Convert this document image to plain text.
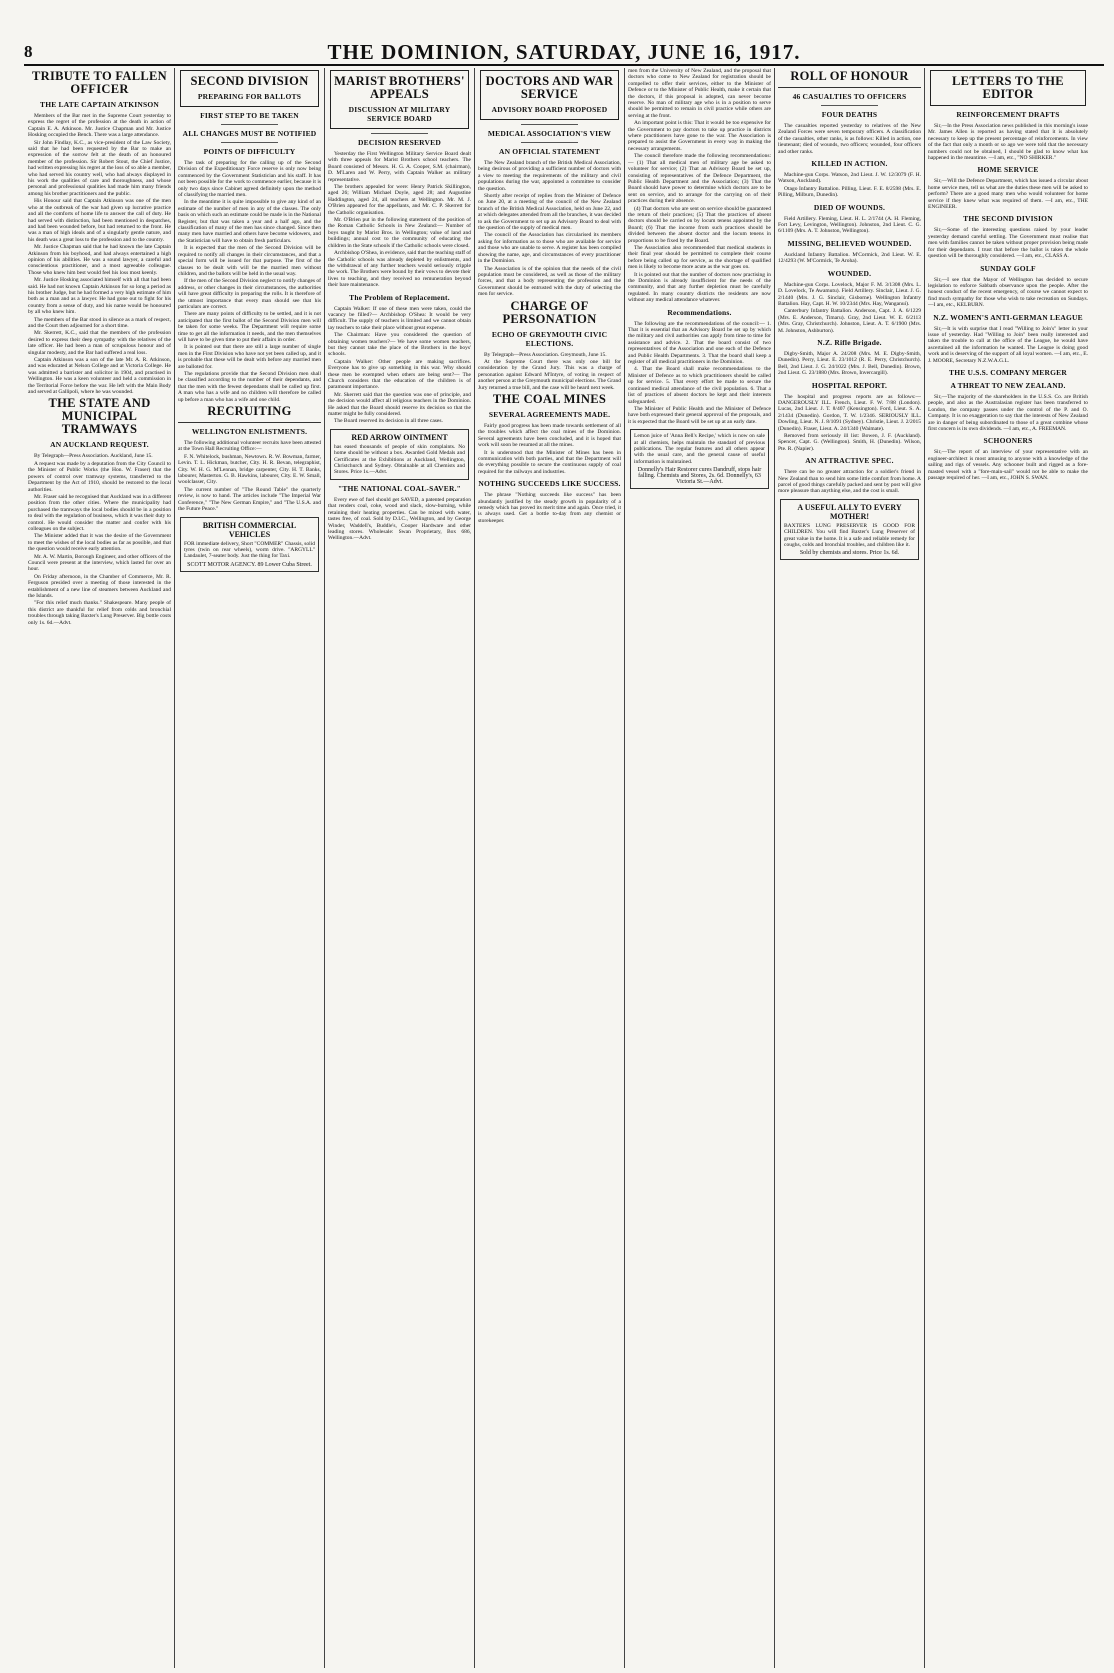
8	THE DOMINION, SATURDAY, JUNE 16, 1917.
TRIBUTE TO FALLEN OFFICER
THE LATE CAPTAIN ATKINSON

Members of the Bar met in the Supreme Court yesterday to express the regret of the profession at the death in action of Captain E. A. Atkinson. Mr. Justice Chapman and Mr. Justice Hosking occupied the Bench. There was a large attendance.

Sir John Findlay, K.C., as vice-president of the Law Society, said that he had been requested by the Bar to make an expression of the sorrow felt at the death of an honoured member of the profession. Sir Robert Stout, the Chief Justice, had written expressing his regret at the loss of so able a member, who had served his country well, who had always displayed in his work the qualities of care and thoroughness, and whose personal and professional qualities had made him many friends among his brother practitioners and the public.

His Honour said that Captain Atkinson was one of the men who at the outbreak of the war had given up lucrative practice and all the comforts of home life to answer the call of duty. He had served with distinction, had been mentioned in despatches, and had been wounded before, but had returned to the front. He was a man of high ideals and of a singularly gentle nature, and his death was a great loss to the profession and to the country.

Mr. Justice Chapman said that he had known the late Captain Atkinson from his boyhood, and had always entertained a high opinion of his abilities. He was a sound lawyer, a careful and conscientious practitioner, and a most agreeable colleague. Those who knew him best would feel his loss most keenly.

Mr. Justice Hosking associated himself with all that had been said. He had not known Captain Atkinson for so long a period as his brother Judge, but he had formed a very high estimate of him both as a man and as a lawyer. He had gone out to fight for his country from a sense of duty, and his name would be honoured by all who knew him.

The members of the Bar stood in silence as a mark of respect, and the Court then adjourned for a short time.

Mr. Skerrett, K.C., said that the members of the profession desired to express their deep sympathy with the relatives of the late officer. He had been a man of scrupulous honour and of singular modesty, and the Bar had suffered a real loss.

Captain Atkinson was a son of the late Mr. A. R. Atkinson, and was educated at Nelson College and at Victoria College. He was admitted a barrister and solicitor in 1904, and practised in Wellington. He was a keen volunteer and held a commission in the Territorial Force before the war. He left with the Main Body and served at Gallipoli, where he was wounded.

THE STATE AND MUNICIPAL TRAMWAYS
AN AUCKLAND REQUEST.

By Telegraph—Press Association. Auckland, June 15.

A request was made by a deputation from the City Council to the Minister of Public Works (the Hon. W. Fraser) that the powers of control over tramway systems, transferred to the Department by the Act of 1910, should be restored to the local authorities.

Mr. Fraser said he recognised that Auckland was in a different position from the other cities. Where the municipality had purchased the tramways the local bodies should be in a position to deal with the regulation of business, which it was their duty to control. He would consider the matter and confer with his colleagues on the subject.

The Minister added that it was the desire of the Government to meet the wishes of the local bodies as far as possible, and that the question would receive early attention.

Mr. A. W. Martin, Borough Engineer, and other officers of the Council were present at the interview, which lasted for over an hour.

On Friday afternoon, in the Chamber of Commerce, Mr. R. Ferguson presided over a meeting of those interested in the establishment of a new line of steamers between Auckland and the Islands.

"For this relief much thanks." Shakespeare. Many people of this district are thankful for relief from colds and bronchial troubles through taking Baxter's Lung Preserver. Big bottle costs only 1s. 6d.—Advt.

SECOND DIVISION
PREPARING FOR BALLOTS
FIRST STEP TO BE TAKEN
ALL CHANGES MUST BE NOTIFIED
POINTS OF DIFFICULTY

The task of preparing for the calling up of the Second Division of the Expeditionary Force reserve is only now being commenced by the Government Statistician and his staff. It has not been possible for the work to commence earlier, because it is only two days since Cabinet agreed definitely upon the method of classifying the married men.

In the meantime it is quite impossible to give any kind of an estimate of the number of men in any of the classes. The only basis on which such an estimate could be made is in the National Register, but that was taken a year and a half ago, and the classification of many of the men has since changed. Since then many men have married and others have become widowers, and the Statistician will have to obtain fresh particulars.

It is expected that the men of the Second Division will be required to notify all changes in their circumstances, and that a special form will be issued for that purpose. The first of the classes to be dealt with will be the married men without children, and the ballots will be held in the usual way.

If the men of the Second Division neglect to notify changes of address, or other changes in their circumstances, the authorities will have great difficulty in preparing the rolls. It is therefore of the utmost importance that every man should see that his particulars are correct.

There are many points of difficulty to be settled, and it is not anticipated that the first ballot of the Second Division men will be taken for some weeks. The Department will require some time to get all the information it needs, and the men themselves will have to be given time to put their affairs in order.

It is pointed out that there are still a large number of single men in the First Division who have not yet been called up, and it is probable that these will be dealt with before any married men are balloted for.

The regulations provide that the Second Division men shall be classified according to the number of their dependants, and that the men with the fewest dependants shall be called up first. A man who has a wife and no children will therefore be called up before a man who has a wife and one child.

RECRUITING
WELLINGTON ENLISTMENTS.

The following additional volunteer recruits have been attested at the Town Hall Recruiting Office:—

F. N. Whitelock, bushman, Newtown. R. W. Bowman, farmer, Levin. T. L. Hickman, butcher, City. H. R. Bevan, telegraphist, City. W. H. G. M'Lennan, bridge carpenter, City. H. T. Banks, labourer, Masterton. G. B. Hawkins, labourer, City. E. W. Small, woolclasser, City.

The current number of "The Round Table" the quarterly review, is now to hand. The articles include "The Imperial War Conference," "The New German Empire," and "The U.S.A. and the Future Peace."

BRITISH COMMERCIAL VEHICLES
FOR immediate delivery, Short "COMMER" Chassis, solid tyres (twin on rear wheels), worm drive. "ARGYLL" Landaulet, 7-seater body. Just the thing for Taxi.
SCOTT MOTOR AGENCY. 89 Lower Cuba Street.
MARIST BROTHERS' APPEALS
DISCUSSION AT MILITARY SERVICE BOARD
DECISION RESERVED

Yesterday the First Wellington Military Service Board dealt with three appeals for Marist Brothers school teachers. The Board consisted of Messrs. H. G. A. Cooper, S.M. (chairman), D. M'Laren and W. Perry, with Captain Walker as military representative.

The brothers appealed for were: Henry Patrick Skillington, aged 26; William Michael Doyle, aged 28; and Augustine Haddington, aged 24, all teachers at Wellington. Mr. M. J. O'Brien appeared for the appellants, and Mr. C. P. Skerrett for the Catholic organisation.

Mr. O'Brien put in the following statement of the position of the Roman Catholic Schools in New Zealand:— Number of boys taught by Marist Bros. in Wellington; value of land and buildings; annual cost to the community of educating the children in the State schools if the Catholic schools were closed.

Archbishop O'Shea, in evidence, said that the teaching staff of the Catholic schools was already depleted by enlistments, and the withdrawal of any further teachers would seriously cripple the work. The Brothers were bound by their vows to devote their lives to teaching, and they received no remuneration beyond their bare maintenance.

The Problem of Replacement.

Captain Walker: If one of these men were taken, could the vacancy be filled?— Archbishop O'Shea: It would be very difficult. The supply of teachers is limited and we cannot obtain lay teachers to take their place without great expense.

The Chairman: Have you considered the question of obtaining women teachers?— We have some women teachers, but they cannot take the place of the Brothers in the boys' schools.

Captain Walker: Other people are making sacrifices. Everyone has to give up something in this war. Why should these men be exempted when others are being sent?— The Church considers that the education of the children is of paramount importance.

Mr. Skerrett said that the question was one of principle, and the decision would affect all religious teachers in the Dominion. He asked that the Board should reserve its decision so that the matter might be fully considered.

The Board reserved its decision in all three cases.

RED ARROW OINTMENT
has eased thousands of people of skin complaints. No home should be without a box. Awarded Gold Medals and Certificates at the Exhibitions at Auckland, Wellington, Christchurch and Sydney. Obtainable at all Chemists and Stores. Price 1s.—Advt.
"THE NATIONAL COAL-SAVER."

Every ewe of fuel should get SAVED, a patented preparation that renders coal, coke, wood and slack, slow-burning, while retaining their heating properties. Can be mixed with water, tastes free, of coal. Sold by D.I.C., Wellington, and by George Winder, Waddell's, Buddle's, Cooper Hardware and other leading stores. Wholesale: Swan Proprietary, Box 686, Wellington.—Advt.

DOCTORS AND WAR SERVICE
ADVISORY BOARD PROPOSED
MEDICAL ASSOCIATION'S VIEW
AN OFFICIAL STATEMENT

The New Zealand branch of the British Medical Association, being desirous of providing a sufficient number of doctors with a view to meeting the requirements of the military and civil populations during the war, appointed a committee to consider the question.

Shortly after receipt of replies from the Minister of Defence on June 20, at a meeting of the council of the New Zealand branch of the British Medical Association, held on June 22, and at which delegates attended from all the branches, it was decided to ask the Government to set up an Advisory Board to deal with the question of the supply of medical men.

The council of the Association has circularised its members asking for information as to those who are available for service and those who are unable to serve. A register has been compiled showing the name, age, and circumstances of every practitioner in the Dominion.

The Association is of the opinion that the needs of the civil population must be considered, as well as those of the military forces, and that a body representing the profession and the Government should be entrusted with the duty of selecting the men for service.

CHARGE OF PERSONATION
ECHO OF GREYMOUTH CIVIC ELECTIONS.

By Telegraph—Press Association. Greymouth, June 15.

At the Supreme Court there was only one bill for consideration by the Grand Jury. This was a charge of personation against Edward M'Intyre, of voting in respect of another person at the Greymouth municipal elections. The Grand Jury returned a true bill, and the case will be heard next week.

THE COAL MINES
SEVERAL AGREEMENTS MADE.

Fairly good progress has been made towards settlement of all the troubles which affect the coal mines of the Dominion. Several agreements have been concluded, and it is hoped that work will soon be resumed at all the mines.

It is understood that the Minister of Mines has been in communication with both parties, and that the Department will do everything possible to secure the continuous supply of coal required for the railways and industries.

NOTHING SUCCEEDS LIKE SUCCESS.

The phrase "Nothing succeeds like success" has been abundantly justified by the steady growth in popularity of a remedy which has proved its merit time and again. Once tried, it is always used. Get a bottle to-day from any chemist or storekeeper.

men from the University of New Zealand, and the proposal that doctors who come to New Zealand for registration should be compelled to offer their services, either to the Minister of Defence or to the Minister of Public Health, make it certain that the doctors, if this proposal is adopted, can never become reserve. No man of military age who is in a position to serve should be permitted to remain in civil practice while others are serving at the front.

An important point is this: That it would be too expensive for the Government to pay doctors to take up practice in districts where practitioners have gone to the war. The Association is prepared to assist the Government in every way in making the necessary arrangements.

The council therefore made the following recommendations:— (1) That all medical men of military age be asked to volunteer for service; (2) That an Advisory Board be set up, consisting of representatives of the Defence Department, the Public Health Department and the Association; (3) That the Board should have power to determine which doctors are to be sent on service, and to arrange for the carrying on of their practices during their absence.

(4) That doctors who are sent on service should be guaranteed the return of their practices; (5) That the practices of absent doctors should be carried on by locum tenens appointed by the Board; (6) That the income from such practices should be divided between the absent doctor and the locum tenens in proportions to be fixed by the Board.

The Association also recommended that medical students in their final year should be permitted to complete their course before being called up for service, as the shortage of qualified men is likely to become more acute as the war goes on.

It is pointed out that the number of doctors now practising in the Dominion is already insufficient for the needs of the community, and that any further depletion must be carefully regulated. In many country districts the residents are now without any medical attendance whatever.

Recommendations.

The following are the recommendations of the council:— 1. That it is essential that an Advisory Board be set up by which the military and civil authorities can apply from time to time for assistance and advice. 2. That the board consist of two representatives of the Association and one each of the Defence and Public Health Departments. 3. That the board shall keep a register of all medical practitioners in the Dominion.

4. That the Board shall make recommendations to the Minister of Defence as to which practitioners should be called up for service. 5. That every effort be made to secure the continued medical attendance of the civil population. 6. That a list of practices of absent doctors be kept and their interests safeguarded.

The Minister of Public Health and the Minister of Defence have both expressed their general approval of the proposals, and it is expected that the Board will be set up at an early date.

Lemon juice of 'Anna Bell's Recipe,' which is now on sale at all chemists, helps maintain the standard of previous publications. The regular features and all others appear with the usual care, and the general cause of useful information is maintained.
Donnelly's Hair Restorer cures Dandruff, stops hair falling. Chemists and Stores, 2s. 6d. Donnelly's, 63 Victoria St.—Advt.
ROLL OF HONOUR
46 CASUALTIES TO OFFICERS
FOUR DEATHS

The casualties reported yesterday to relatives of the New Zealand Forces were seven temporary officers. A classification of the casualties, other ranks, is as follows: Killed in action, one lieutenant; died of wounds, two officers; wounded, four officers and other ranks.

KILLED IN ACTION.

Machine-gun Corps. Watson, 2nd Lieut. J. W. 12/3079 (F. H. Watson, Auckland).

Otago Infantry Battalion. Pilling, Lieut. F. E. 8/2598 (Mrs. E. Pilling, Milburn, Dunedin).

DIED OF WOUNDS.

Field Artillery. Fleming, Lieut. H. L. 2/1744 (A. H. Fleming, Fort Levy, Levington, Wellington). Johnston, 2nd Lieut. C. G. 6/1109 (Mrs. A. T. Johnston, Wellington).

MISSING, BELIEVED WOUNDED.

Auckland Infantry Battalion. M'Cormick, 2nd Lieut. W. E. 12/4293 (W. M'Cormick, Te Aroha).

WOUNDED.

Machine-gun Corps. Lovelock, Major F. M. 3/1308 (Mrs. L. D. Lovelock, Te Awamutu). Field Artillery. Sinclair, Lieut. J. G. 2/1440 (Mrs. J. G. Sinclair, Gisborne). Wellington Infantry Battalion. Hay, Capt. H. W. 10/2344 (Mrs. Hay, Wanganui).

Canterbury Infantry Battalion. Anderson, Capt. J. A. 6/1229 (Mrs. E. Anderson, Timaru). Gray, 2nd Lieut. W. E. 6/2113 (Mrs. Gray, Christchurch). Johnston, Lieut. A. T. 6/1900 (Mrs. M. Johnston, Ashburton).

N.Z. Rifle Brigade.

Digby-Smith, Major A. 24/208 (Mrs. M. E. Digby-Smith, Dunedin). Perry, Lieut. E. 23/1012 (R. E. Perry, Christchurch). Bell, 2nd Lieut. J. G. 24/1022 (Mrs. J. Bell, Dunedin). Brown, 2nd Lieut. G. 23/1880 (Mrs. Brown, Invercargill).

HOSPITAL REPORT.

The hospital and progress reports are as follows:— DANGEROUSLY ILL. French, Lieut. F. W. 7/88 (London). Lucas, 2nd Lieut. J. T. 8/407 (Kensington). Ford, Lieut. S. A. 2/1434 (Dunedin). Gordon, T. W. 1/2346. SERIOUSLY ILL. Dowling, Lieut. N. J. 8/1091 (Sydney). Christie, Lieut. J. 2/2015 (Dunedin). Fraser, Lieut. A. 24/1340 (Waimate).

Removed from seriously ill list: Bowen, J. F. (Auckland). Spencer, Capt. G. (Wellington). Smith, H. (Dunedin). Wilson, Pte. R. (Napier).

AN ATTRACTIVE SPEC.

There can be no greater attraction for a soldier's friend in New Zealand than to send him some little comfort from home. A parcel of good things carefully packed and sent by post will give more pleasure than anything else, and the cost is small.

A USEFUL ALLY TO EVERY MOTHER!
BAXTER'S LUNG PRESERVER IS GOOD FOR CHILDREN. You will find Baxter's Lung Preserver of great value in the home. It is a safe and reliable remedy for coughs, colds and bronchial troubles, and children like it.
Sold by chemists and stores. Price 1s. 6d.
LETTERS TO THE EDITOR
REINFORCEMENT DRAFTS

Sir,—In the Press Association news published in this morning's issue Mr. James Allen is reported as having stated that it is absolutely necessary to keep up the present percentage of reinforcements. In view of the fact that only a month or so ago we were told that the necessary numbers could not be obtained, I should be glad to know what has happened in the meantime. —I am, etc., "NO SHIRKER."

HOME SERVICE

Sir,—Will the Defence Department, which has issued a circular about home service men, tell us what are the duties these men will be asked to perform? There are a good many men who would volunteer for home service if they knew what was required of them. —I am, etc., THE ENGINEER.

THE SECOND DIVISION

Sir,—Some of the interesting questions raised by your leader yesterday demand careful settling. The Government must realise that men with families cannot be taken without proper provision being made for their dependants. I trust that before the ballot is taken the whole question will be thoroughly considered. —I am, etc., CLASS A.

SUNDAY GOLF

Sir,—I see that the Mayor of Wellington has decided to secure legislation to enforce Sabbath observance upon the people. After the honest conduct of the recent emergency, of course we cannot expect to find much sympathy for those who wish to take recreation on Sundays. —I am, etc., KELBURN.

N.Z. WOMEN'S ANTI-GERMAN LEAGUE

Sir,—It is with surprise that I read "Willing to Join's" letter in your issue of yesterday. Had "Willing to Join" been really interested and taken the trouble to call at the office of the League, he would have ascertained all the information he wanted. The League is doing good work and is deserving of the support of all loyal women. —I am, etc., E. J. MOORE, Secretary N.Z.W.A.G.L.

THE U.S.S. COMPANY MERGER
A THREAT TO NEW ZEALAND.

Sir,—The majority of the shareholders in the U.S.S. Co. are British people, and also as the Australasian register has been transferred to London, the company passes under the control of the P. and O. Company. It is no exaggeration to say that the interests of New Zealand are in danger of being subordinated to those of a great combine whose first concern is its own dividends. —I am, etc., A. FREEMAN.

SCHOONERS

Sir,—The report of an interview of your representative with an engineer-architect is most amusing to anyone with a knowledge of the sailing and rigs of vessels. Any schooner built and rigged as a fore-masted vessel with a "fore-main-sail" would not be able to make the passage required of her. —I am, etc., JOHN S. SWAN.
